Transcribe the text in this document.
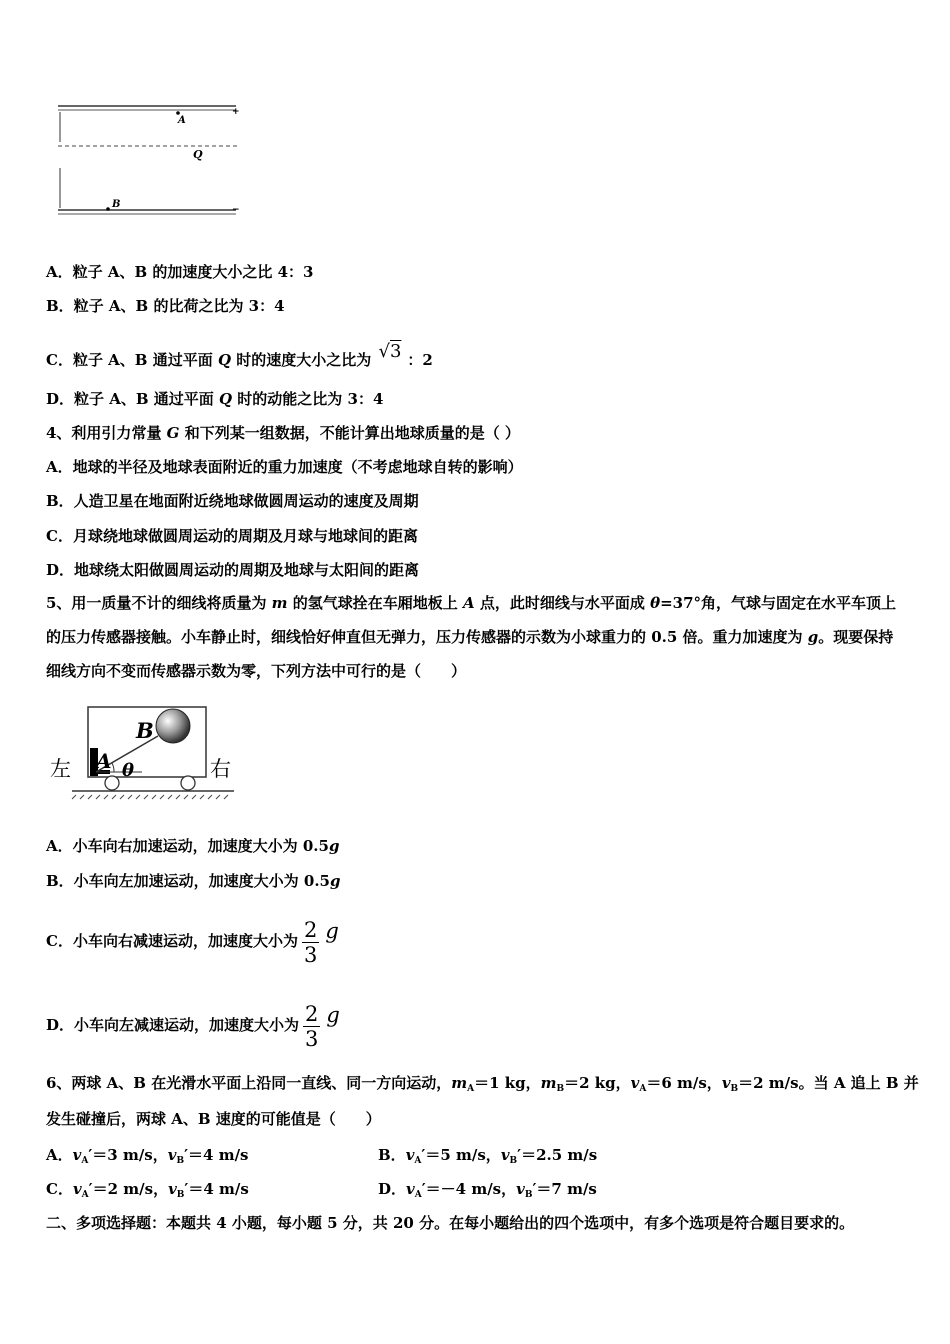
A
Q
B
+
−
A．粒子 A、B 的加速度大小之比 4：3
B．粒子 A、B 的比荷之比为 3：4
C．粒子 A、B 通过平面 Q 时的速度大小之比为 √3 ：2
D．粒子 A、B 通过平面 Q 时的动能之比为 3：4
4、利用引力常量 G 和下列某一组数据，不能计算出地球质量的是（ ）
A．地球的半径及地球表面附近的重力加速度（不考虑地球自转的影响）
B．人造卫星在地面附近绕地球做圆周运动的速度及周期
C．月球绕地球做圆周运动的周期及月球与地球间的距离
D．地球绕太阳做圆周运动的周期及地球与太阳间的距离
5、用一质量不计的细线将质量为 m 的氢气球拴在车厢地板上 A 点，此时细线与水平面成 θ=37°角，气球与固定在水平车顶上的压力传感器接触。小车静止时，细线恰好伸直但无弹力，压力传感器的示数为小球重力的 0.5 倍。重力加速度为 g。现要保持细线方向不变而传感器示数为零，下列方法中可行的是（　　）
B
A θ
左	右
A．小车向右加速运动，加速度大小为 0.5g
B．小车向左加速运动，加速度大小为 0.5g
C．小车向右减速运动，加速度大小为 $\frac{2}{3}$ g
D．小车向左减速运动，加速度大小为 $\frac{2}{3}$ g
6、两球 A、B 在光滑水平面上沿同一直线、同一方向运动，$m_A=1$ kg，$m_B=2$ kg，$v_A=6$ m/s，$v_B=2$ m/s。当 A 追上 B 并
发生碰撞后，两球 A、B 速度的可能值是（　　）
A．$v_A'=3$ m/s，$v_B'=4$ m/s	B．$v_A'=5$ m/s，$v_B'=2.5$ m/s
C．$v_A'=2$ m/s，$v_B'=4$ m/s	D．$v_A'=-4$ m/s，$v_B'=7$ m/s
二、多项选择题：本题共 4 小题，每小题 5 分，共 20 分。在每小题给出的四个选项中，有多个选项是符合题目要求的。
